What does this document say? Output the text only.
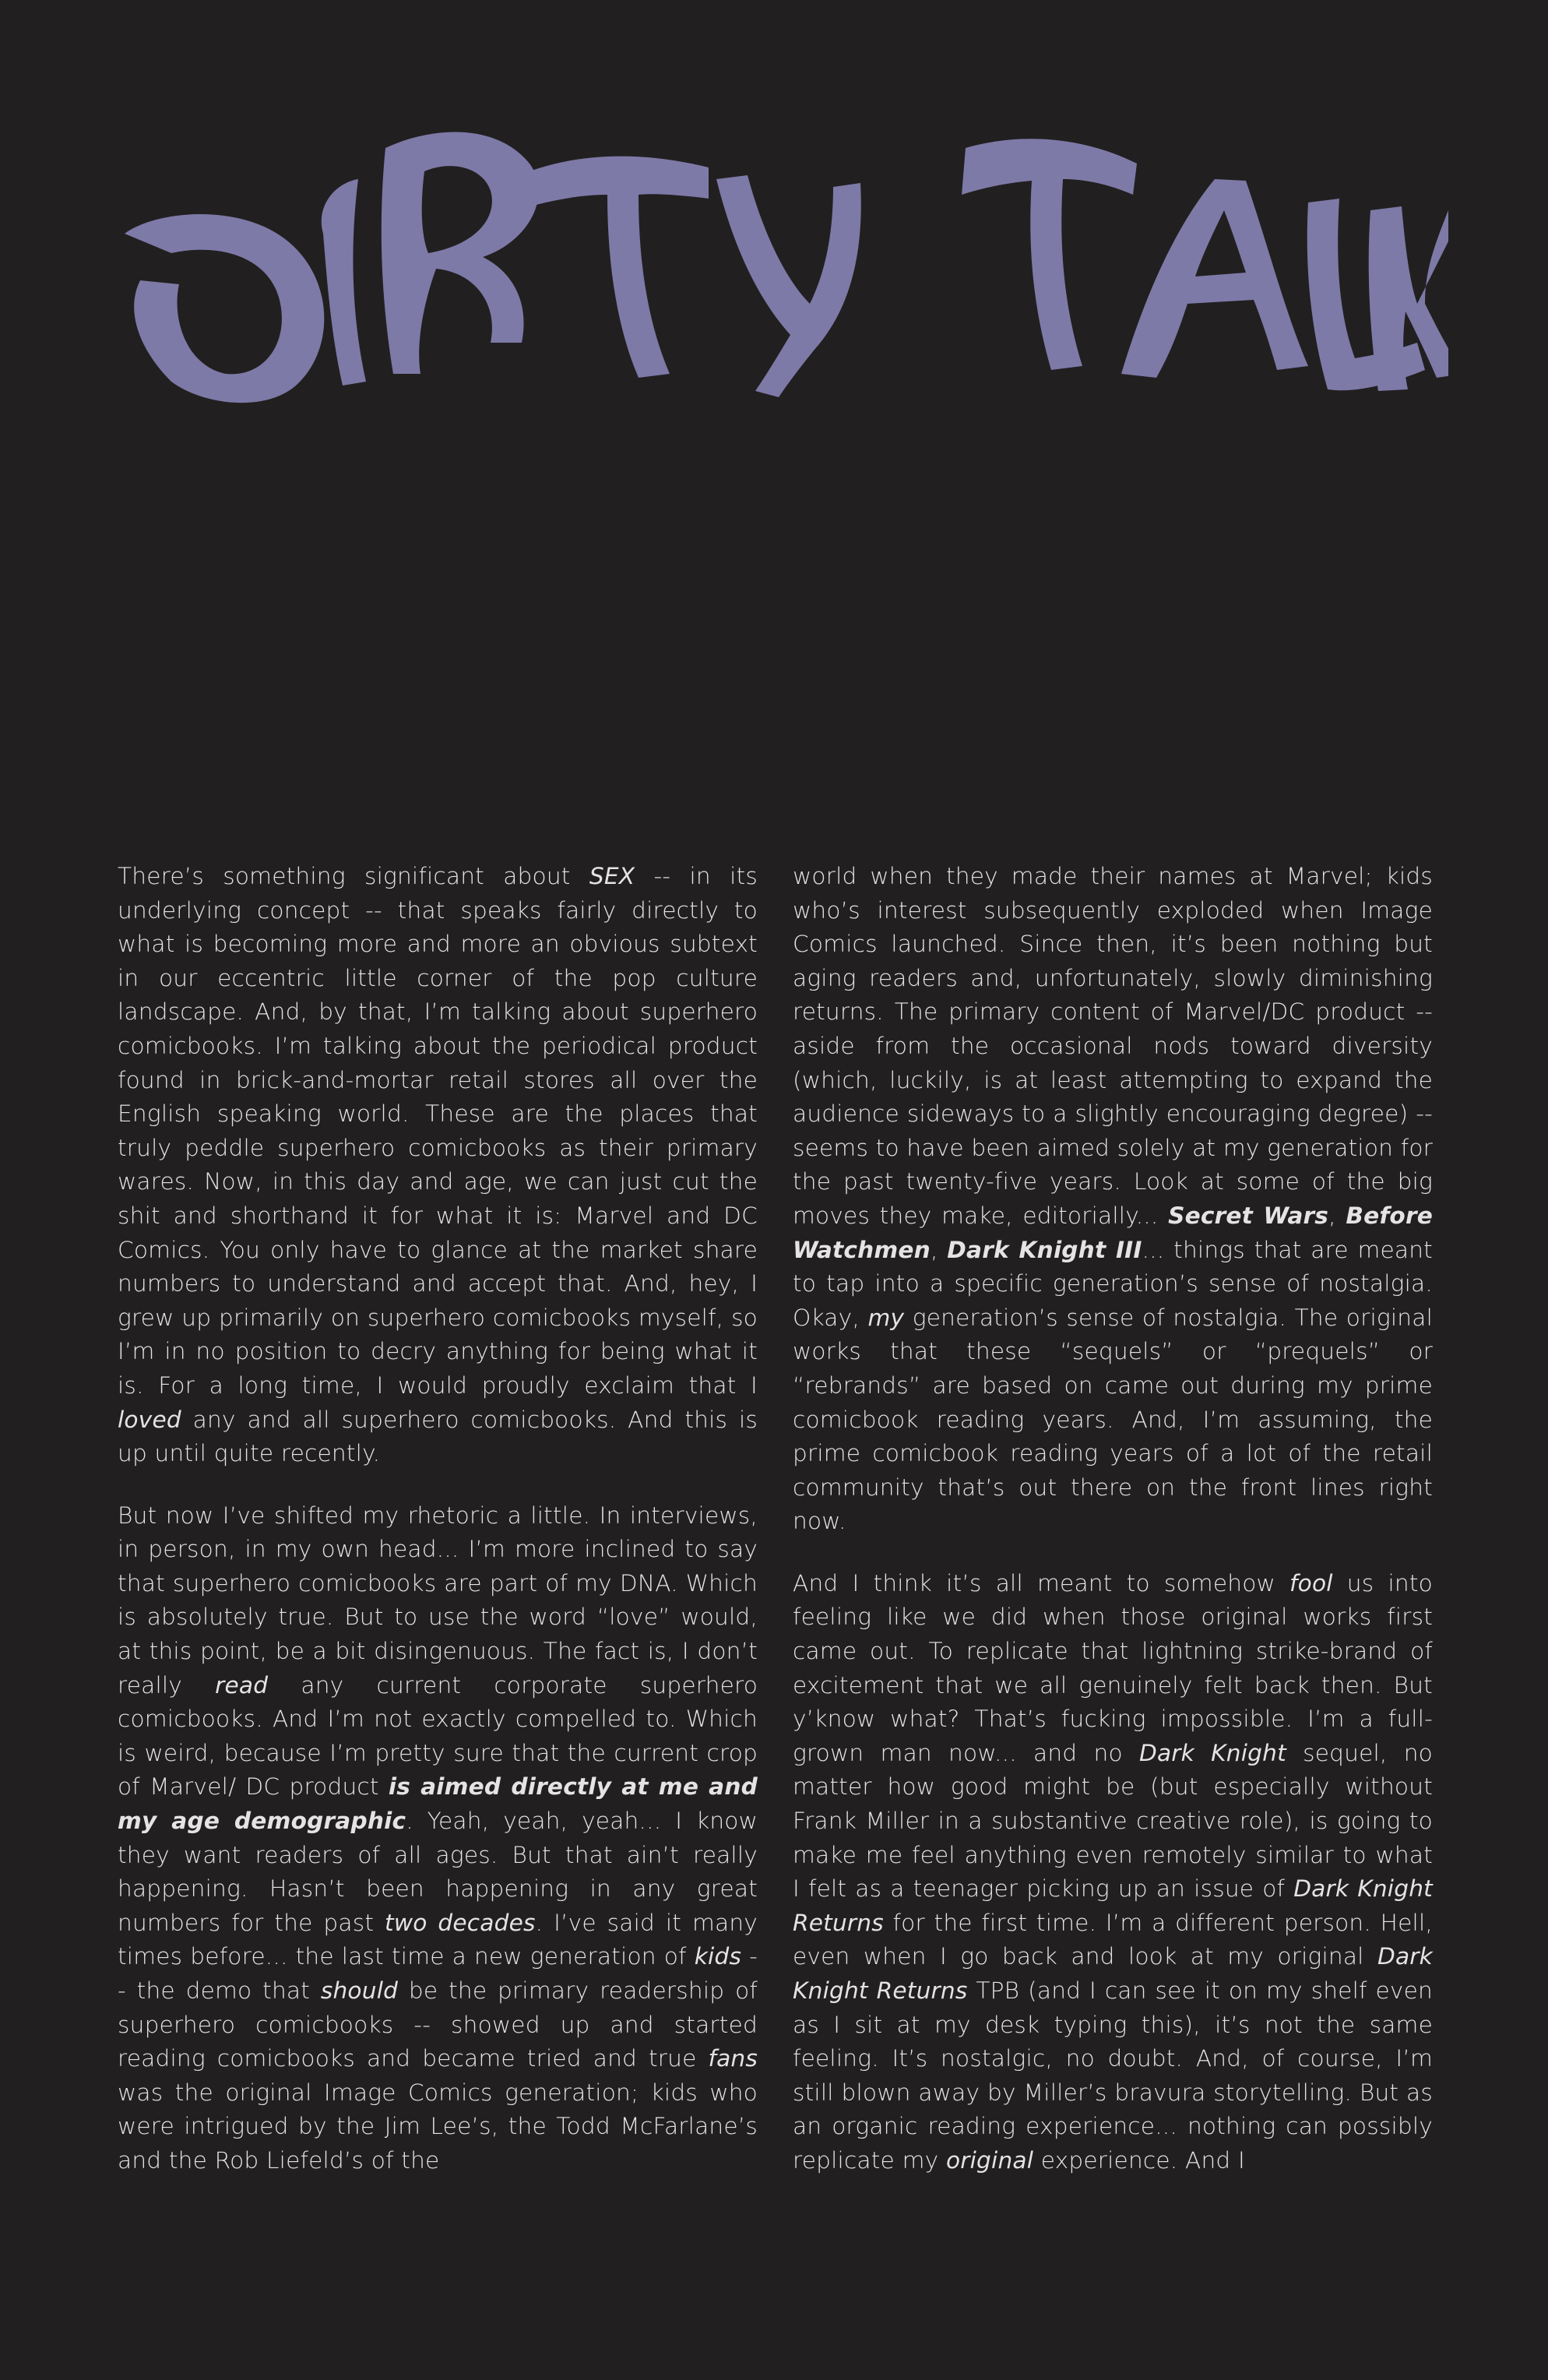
There’s something significant about SEX -- in its underlying concept -- that speaks fairly directly to what is becoming more and more an obvious subtext in our eccentric little corner of the pop culture landscape. And, by that, I’m talking about superhero comicbooks. I’m talking about the periodical product found in brick-and-mortar retail stores all over the English speaking world. These are the places that truly peddle superhero comicbooks as their primary wares. Now, in this day and age, we can just cut the shit and shorthand it for what it is: Marvel and DC Comics. You only have to glance at the market share numbers to understand and accept that. And, hey, I grew up primarily on superhero comicbooks myself, so I’m in no position to decry anything for being what it is. For a long time, I would proudly exclaim that I loved any and all superhero comicbooks. And this is up until quite recently.

But now I’ve shifted my rhetoric a little. In interviews, in person, in my own head... I’m more inclined to say that superhero comicbooks are part of my DNA. Which is absolutely true. But to use the word “love” would, at this point, be a bit disingenuous. The fact is, I don’t really read any current corporate superhero comicbooks. And I’m not exactly compelled to. Which is weird, because I’m pretty sure that the current crop of Marvel/ DC product is aimed directly at me and my age demographic. Yeah, yeah, yeah... I know they want readers of all ages. But that ain’t really happening. Hasn’t been happening in any great numbers for the past two decades. I’ve said it many times before... the last time a new generation of kids -- the demo that should be the primary readership of superhero comicbooks -- showed up and started reading comicbooks and became tried and true fans was the original Image Comics generation; kids who were intrigued by the Jim Lee’s, the Todd McFarlane’s and the Rob Liefeld’s of the

world when they made their names at Marvel; kids who’s interest subsequently exploded when Image Comics launched. Since then, it’s been nothing but aging readers and, unfortunately, slowly diminishing returns. The primary content of Marvel/DC product -- aside from the occasional nods toward diversity (which, luckily, is at least attempting to expand the audience sideways to a slightly encouraging degree) -- seems to have been aimed solely at my generation for the past twenty-five years. Look at some of the big moves they make, editorially... Secret Wars, Before Watchmen, Dark Knight III... things that are meant to tap into a specific generation’s sense of nostalgia. Okay, my generation’s sense of nostalgia. The original works that these “sequels” or “prequels” or “rebrands” are based on came out during my prime comicbook reading years. And, I’m assuming, the prime comicbook reading years of a lot of the retail community that’s out there on the front lines right now.

And I think it’s all meant to somehow fool us into feeling like we did when those original works first came out. To replicate that lightning strike-brand of excitement that we all genuinely felt back then. But y’know what? That’s fucking impossible. I’m a full-grown man now... and no Dark Knight sequel, no matter how good might be (but especially without Frank Miller in a substantive creative role), is going to make me feel anything even remotely similar to what I felt as a teenager picking up an issue of Dark Knight Returns for the first time. I’m a different person. Hell, even when I go back and look at my original Dark Knight Returns TPB (and I can see it on my shelf even as I sit at my desk typing this), it’s not the same feeling. It’s nostalgic, no doubt. And, of course, I’m still blown away by Miller’s bravura storytelling. But as an organic reading experience... nothing can possibly replicate my original experience. And I
